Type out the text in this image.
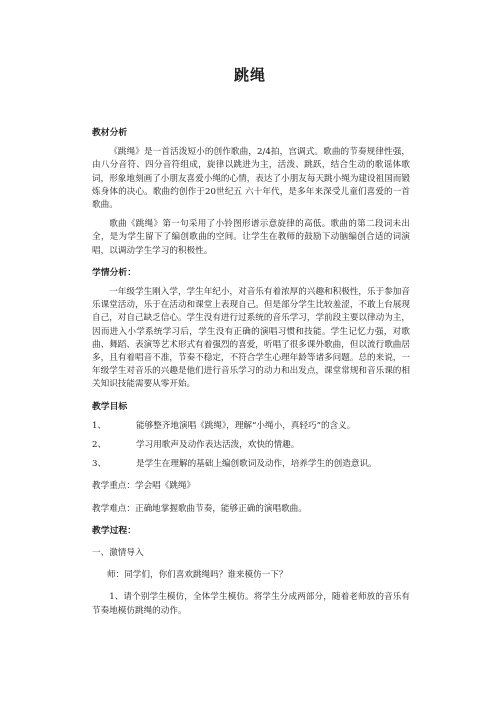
跳绳

教材分析

《跳绳》是一首活泼短小的创作歌曲，2/4拍，宫调式。歌曲的节奏规律性强，由八分音符、四分音符组成，旋律以跳进为主，活泼、跳跃，结合生动的歌谣体歌词，形象地刻画了小朋友喜爱小绳的心情，表达了小朋友每天跳小绳为建设祖国而锻炼身体的决心。歌曲约创作于20世纪五 六十年代，是多年来深受儿童们喜爱的一首歌曲。

歌曲《跳绳》第一句采用了小铃图形谱示意旋律的高低。歌曲的第二段词未出全，是为学生留下了编创歌曲的空间。让学生在教师的鼓励下动脑编创合适的词演唱，以调动学生学习的积极性。

学情分析：

一年级学生刚入学，学生年纪小，对音乐有着浓厚的兴趣和积极性，乐于参加音乐课堂活动，乐于在活动和课堂上表现自己。但是部分学生比较羞涩，不敢上台展现自己，对自己缺乏信心。学生没有进行过系统的音乐学习，学前段主要以律动为主，因而进入小学系统学习后，学生没有正确的演唱习惯和技能。学生记忆力强，对歌曲、舞蹈、表演等艺术形式有着强烈的喜爱，听唱了很多课外歌曲，但以流行歌曲居多，且有着唱音不准，节奏不稳定，不符合学生心理年龄等诸多问题。总的来说，一年级学生对音乐的兴趣是他们进行音乐学习的动力和出发点，课堂常规和音乐课的相关知识技能需要从零开始。

教学目标

1、	能够整齐地演唱《跳绳》，理解“小绳小，真轻巧”的含义。

2、	学习用歌声及动作表达活泼，欢快的情趣。

3、	是学生在理解的基础上编创歌词及动作，培养学生的创造意识。

教学重点：学会唱《跳绳》

教学难点：正确地掌握歌曲节奏，能够正确的演唱歌曲。

教学过程：

一、激情导入

师：同学们，你们喜欢跳绳吗？谁来模仿一下？

1、请个别学生模仿，全体学生模仿。将学生分成两部分，随着老师放的音乐有节奏地模仿跳绳的动作。
